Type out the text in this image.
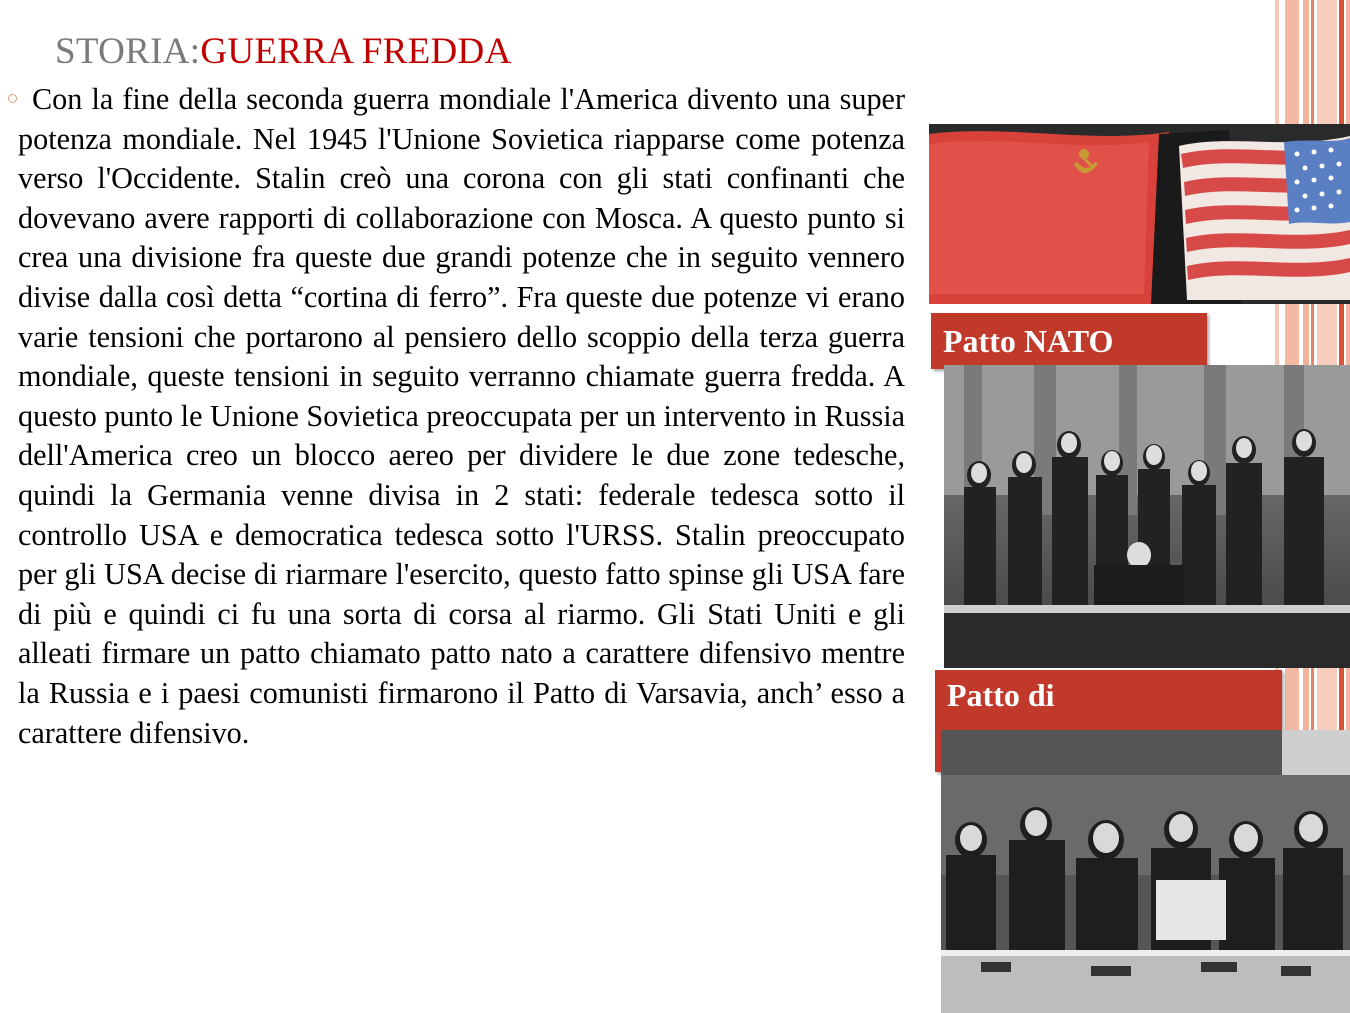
STORIA:GUERRA FREDDA
Con la fine della seconda guerra mondiale l'America divento una super potenza mondiale. Nel 1945 l'Unione Sovietica riapparse come potenza verso l'Occidente. Stalin creò una corona con gli stati confinanti che dovevano avere rapporti di collaborazione con Mosca. A questo punto si crea una divisione fra queste due grandi potenze che in seguito vennero divise dalla così detta “cortina di ferro”. Fra queste due potenze vi erano varie tensioni che portarono al pensiero dello scoppio della terza guerra mondiale, queste tensioni in seguito verranno chiamate guerra fredda. A questo punto le Unione Sovietica preoccupata per un intervento in Russia dell'America creo un blocco aereo per dividere le due zone tedesche, quindi la Germania venne divisa in 2 stati: federale tedesca sotto il controllo USA e democratica tedesca sotto l'URSS. Stalin preoccupato per gli USA decise di riarmare l'esercito, questo fatto spinse gli USA fare di più e quindi ci fu una sorta di corsa al riarmo. Gli Stati Uniti e gli alleati firmare un patto chiamato patto nato a carattere difensivo mentre la Russia e i paesi comunisti firmarono il Patto di Varsavia, anch’ esso a carattere difensivo.
Patto NATO
Patto di
